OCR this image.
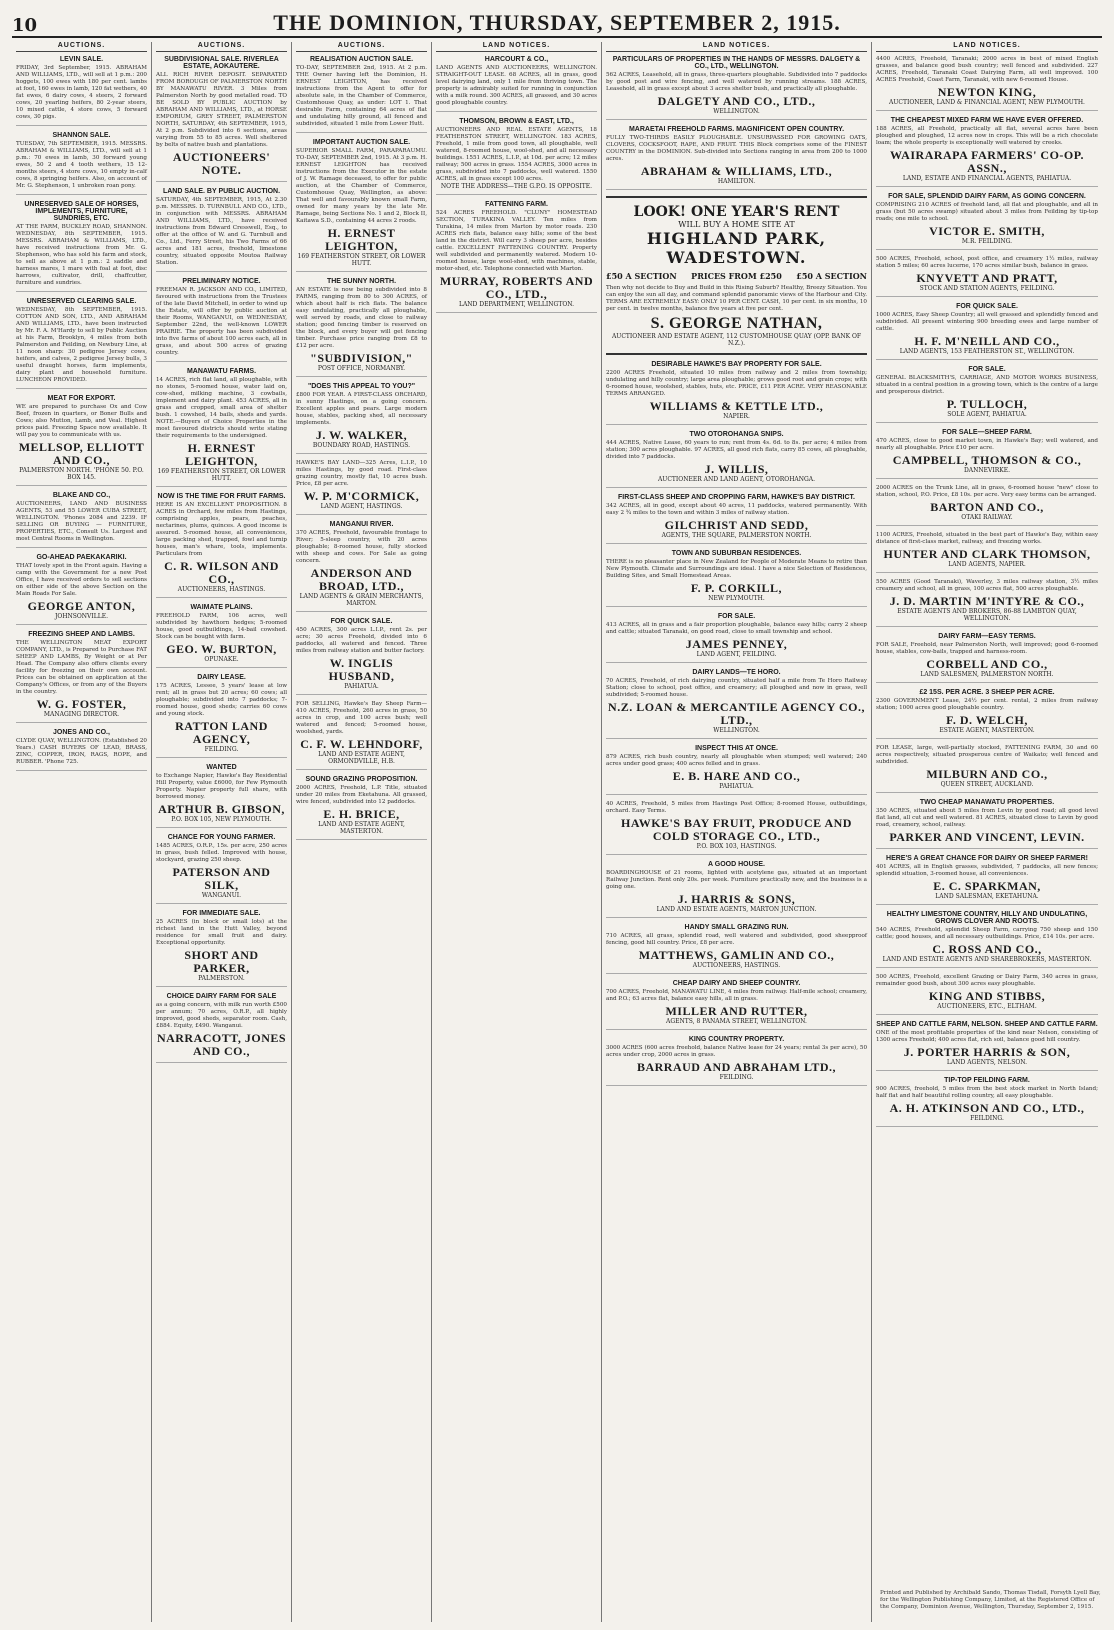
10	THE DOMINION, THURSDAY, SEPTEMBER 2, 1915.
AUCTIONS.
LEVIN SALE.
FRIDAY, 3rd September, 1915. ABRAHAM AND WILLIAMS, LTD., will sell at 1 p.m.: 200 hoggets, 100 ewes with 180 per cent. lambs at foot, 160 ewes in lamb, 120 fat wethers, 40 fat ewes, 6 dairy cows, 4 steers, 2 forward cows, 20 yearling heifers, 80 2-year steers, 10 mixed cattle, 4 store cows, 5 forward cows, 30 pigs.
SHANNON SALE.
TUESDAY, 7th SEPTEMBER, 1915. MESSRS. ABRAHAM & WILLIAMS, LTD., will sell at 1 p.m.: 70 ewes in lamb, 30 forward young ewes, 50 2 and 4 tooth wethers, 15 12-months steers, 4 store cows, 10 empty in-calf cows, 8 springing heifers. Also, on account of Mr. G. Stephenson, 1 unbroken roan pony.
UNRESERVED SALE OF HORSES, IMPLEMENTS, FURNITURE, SUNDRIES, ETC.
AT THE FARM, BUCKLEY ROAD, SHANNON. WEDNESDAY, 8th SEPTEMBER, 1915. MESSRS. ABRAHAM & WILLIAMS, LTD., have received instructions from Mr. G. Stephenson, who has sold his farm and stock, to sell as above at 1 p.m.: 2 saddle and harness mares, 1 mare with foal at foot, disc harrows, cultivator, drill, chaffcutter, furniture and sundries.
UNRESERVED CLEARING SALE.
WEDNESDAY, 8th SEPTEMBER, 1915. COTTON AND SON, LTD., AND ABRAHAM AND WILLIAMS, LTD., have been instructed by Mr. F. A. M'Hardy to sell by Public Auction at his Farm, Brooklyn, 4 miles from both Palmerston and Feilding, on Newbury Line, at 11 noon sharp: 30 pedigree Jersey cows, heifers, and calves, 2 pedigree Jersey bulls, 3 useful draught horses, farm implements, dairy plant and household furniture. LUNCHEON PROVIDED.
MEAT FOR EXPORT.
WE are prepared to purchase Ox and Cow Beef, frozen in quarters, or Boner Bulls and Cows; also Mutton, Lamb, and Veal. Highest prices paid. Freezing Space now available. It will pay you to communicate with us.
MELLSOP, ELLIOTT AND CO.,
PALMERSTON NORTH. 'PHONE 50. P.O. BOX 145.
BLAKE AND CO.,
AUCTIONEERS, LAND AND BUSINESS AGENTS, 53 and 55 LOWER CUBA STREET, WELLINGTON. 'Phones 2084 and 2239. IF SELLING OR BUYING — FURNITURE, PROPERTIES, ETC., Consult Us. Largest and most Central Rooms in Wellington.
GO-AHEAD PAEKAKARIKI.
THAT lovely spot in the Front again. Having a camp with the Government for a new Post Office, I have received orders to sell sections on either side of the above Section on the Main Roads For Sale.
GEORGE ANTON,
JOHNSONVILLE.
FREEZING SHEEP AND LAMBS.
THE WELLINGTON MEAT EXPORT COMPANY, LTD., is Prepared to Purchase FAT SHEEP AND LAMBS, By Weight or at Per Head. The Company also offers clients every facility for freezing on their own account. Prices can be obtained on application at the Company's Offices, or from any of the Buyers in the country.
W. G. FOSTER,
MANAGING DIRECTOR.
JONES AND CO.,
CLYDE QUAY, WELLINGTON. (Established 20 Years.) CASH BUYERS OF LEAD, BRASS, ZINC, COPPER, IRON, RAGS, ROPE, and RUBBER. 'Phone 725.
AUCTIONS.
SUBDIVISIONAL SALE. RIVERLEA ESTATE, AOKAUTERE.
ALL RICH RIVER DEPOSIT. SEPARATED FROM BOROUGH OF PALMERSTON NORTH BY MANAWATU RIVER. 3 Miles from Palmerston North by good metalled road. TO BE SOLD BY PUBLIC AUCTION by ABRAHAM AND WILLIAMS, LTD., at HORSE EMPORIUM, GREY STREET, PALMERSTON NORTH, SATURDAY, 4th SEPTEMBER, 1915, At 2 p.m. Subdivided into 6 sections, areas varying from 55 to 85 acres. Well sheltered by belts of native bush and plantations.
AUCTIONEERS' NOTE.
LAND SALE. BY PUBLIC AUCTION.
SATURDAY, 4th SEPTEMBER, 1915, At 2.30 p.m. MESSRS. D. TURNBULL AND CO., LTD., in conjunction with MESSRS. ABRAHAM AND WILLIAMS, LTD., have received instructions from Edward Cresswell, Esq., to offer at the office of W. and G. Turnbull and Co., Ltd., Ferry Street, his Two Farms of 66 acres and 181 acres, freehold, limestone country, situated opposite Moutoa Railway Station.
PRELIMINARY NOTICE.
FREEMAN R. JACKSON AND CO., LIMITED, favoured with instructions from the Trustees of the late David Mitchell, in order to wind up the Estate, will offer by public auction at their Rooms, WANGANUI, on WEDNESDAY, September 22nd, the well-known LOWER PRAIRIE. The property has been subdivided into five farms of about 100 acres each, all in grass, and about 500 acres of grazing country.
MANAWATU FARMS.
14 ACRES, rich flat land, all ploughable, with no stones, 5-roomed house, water laid on, cow-shed, milking machine, 3 cowbails, implement and dairy plant. 453 ACRES, all in grass and cropped, small area of shelter bush. 1 cowshed, 14 bails, sheds and yards. NOTE.—Buyers of Choice Properties in the most favoured districts should write stating their requirements to the undersigned.
H. ERNEST LEIGHTON,
169 FEATHERSTON STREET, OR LOWER HUTT.
NOW IS THE TIME FOR FRUIT FARMS.
HERE IS AN EXCELLENT PROPOSITION. 8 ACRES in Orchard, few miles from Hastings, comprising apples, pears, peaches, nectarines, plums, quinces. A good income is assured. 5-roomed house, all conveniences, large packing shed, trapped, fowl and turnip houses, man's whare, tools, implements. Particulars from
C. R. WILSON AND CO.,
AUCTIONEERS, HASTINGS.
WAIMATE PLAINS.
FREEHOLD FARM, 106 acres, well subdivided by hawthorn hedges; 5-roomed house, good outbuildings, 14-bail cowshed. Stock can be bought with farm.
GEO. W. BURTON,
OPUNAKE.
DAIRY LEASE.
175 ACRES, Lessee, 5 years' lease at low rent; all in grass but 20 acres; 60 cows; all ploughable; subdivided into 7 paddocks; 7-roomed house, good sheds; carries 60 cows and young stock.
RATTON LAND AGENCY,
FEILDING.
WANTED
to Exchange Napier, Hawke's Bay Residential Hill Property, value £6000, for Few Plymouth Property. Napier property full share, with borrowed money.
ARTHUR B. GIBSON,
P.O. BOX 105, NEW PLYMOUTH.
CHANCE FOR YOUNG FARMER.
1485 ACRES, O.R.P., 15s. per acre, 250 acres in grass, bush felled. Improved with house, stockyard, grazing 250 sheep.
PATERSON AND SILK,
WANGANUI.
FOR IMMEDIATE SALE.
25 ACRES (in block or small lots) at the richest land in the Hutt Valley, beyond residence for small fruit and dairy. Exceptional opportunity.
SHORT AND PARKER,
PALMERSTON.
CHOICE DAIRY FARM FOR SALE
as a going concern, with milk run worth £500 per annum; 70 acres, O.R.P., all highly improved, good sheds, separator room. Cash, £884. Equity, £490. Wanganui.
NARRACOTT, JONES AND CO.,
AUCTIONS.
REALISATION AUCTION SALE.
TO-DAY, SEPTEMBER 2nd, 1915. At 2 p.m. THE Owner having left the Dominion, H. ERNEST LEIGHTON, has received instructions from the Agent to offer for absolute sale, in the Chamber of Commerce, Customhouse Quay, as under: LOT 1. That desirable Farm, containing 64 acres of flat and undulating hilly ground, all fenced and subdivided, situated 1 mile from Lower Hutt.
IMPORTANT AUCTION SALE.
SUPERIOR SMALL FARM, PARAPARAUMU. TO-DAY, SEPTEMBER 2nd, 1915. At 3 p.m. H. ERNEST LEIGHTON has received instructions from the Executor in the estate of J. W. Ramage deceased, to offer for public auction, at the Chamber of Commerce, Customhouse Quay, Wellington, as above: That well and favourably known small Farm, owned for many years by the late Mr. Ramage, being Sections No. 1 and 2, Block II, Kaitawa S.D., containing 44 acres 2 roods.
H. ERNEST LEIGHTON,
169 FEATHERSTON STREET, OR LOWER HUTT.
THE SUNNY NORTH.
AN ESTATE is now being subdivided into 8 FARMS, ranging from 80 to 300 ACRES, of which about half is rich flats. The balance easy undulating, practically all ploughable, well served by roads, and close to railway station; good fencing timber is reserved on the block, and every buyer will get fencing timber. Purchase price ranging from £8 to £12 per acre.
"SUBDIVISION,"
POST OFFICE, NORMANBY.
"DOES THIS APPEAL TO YOU?"
£800 FOR YEAR. A FIRST-CLASS ORCHARD, in sunny Hastings, on a going concern. Excellent apples and pears. Large modern house, stables, packing shed, all necessary implements.
J. W. WALKER,
BOUNDARY ROAD, HASTINGS.
HAWKE'S BAY LAND—325 Acres, L.I.P., 10 miles Hastings, by good road. First-class grazing country, mostly flat, 10 acres bush. Price, £8 per acre.
W. P. M'CORMICK,
LAND AGENT, HASTINGS.
MANGANUI RIVER.
370 ACRES, Freehold, favourable frontage to River; 5-sleep country, with 20 acres ploughable; 8-roomed house, fully stocked with sheep and cows. For Sale as going concern.
ANDERSON AND BROAD, LTD.,
LAND AGENTS & GRAIN MERCHANTS, MARTON.
FOR QUICK SALE.
450 ACRES, 300 acres L.I.P., rent 2s. per acre; 30 acres Freehold, divided into 6 paddocks, all watered and fenced. Three miles from railway station and butter factory.
W. INGLIS HUSBAND,
PAHIATUA.
FOR SELLING, Hawke's Bay Sheep Farm—410 ACRES, Freehold, 260 acres in grass, 50 acres in crop, and 100 acres bush; well watered and fenced; 5-roomed house, woolshed, yards.
C. F. W. LEHNDORF,
LAND AND ESTATE AGENT, ORMONDVILLE, H.B.
SOUND GRAZING PROPOSITION.
2000 ACRES, Freehold, L.P. Title, situated under 20 miles from Eketahuna. All grassed, wire fenced, subdivided into 12 paddocks.
E. H. BRICE,
LAND AND ESTATE AGENT, MASTERTON.
LAND NOTICES.
HARCOURT & CO.,
LAND AGENTS AND AUCTIONEERS, WELLINGTON. STRAIGHT-OUT LEASE. 68 ACRES, all in grass, good level dairying land, only 1 mile from thriving town. The property is admirably suited for running in conjunction with a milk round. 300 ACRES, all grassed, and 30 acres good ploughable country.
THOMSON, BROWN & EAST, LTD.,
AUCTIONEERS AND REAL ESTATE AGENTS, 18 FEATHERSTON STREET, WELLINGTON. 183 ACRES, Freehold, 1 mile from good town, all ploughable, well watered, 8-roomed house, wool-shed, and all necessary buildings. 1551 ACRES, L.I.P., at 10d. per acre; 12 miles railway; 500 acres in grass. 1554 ACRES, 3000 acres in grass, subdivided into 7 paddocks, well watered. 1550 ACRES, all in grass except 100 acres.
NOTE THE ADDRESS—THE G.P.O. IS OPPOSITE.
FATTENING FARM.
524 ACRES FREEHOLD. "CLUNY" HOMESTEAD SECTION, TURAKINA VALLEY. Ten miles from Turakina, 14 miles from Marton by motor roads. 230 ACRES rich flats, balance easy hills; some of the best land in the district. Will carry 3 sheep per acre, besides cattle. EXCELLENT FATTENING COUNTRY. Property well subdivided and permanently watered. Modern 10-roomed house, large wool-shed, with machines, stable, motor-shed, etc. Telephone connected with Marton.
MURRAY, ROBERTS AND CO., LTD.,
LAND DEPARTMENT, WELLINGTON.
LAND NOTICES.
PARTICULARS OF PROPERTIES IN THE HANDS OF MESSRS. DALGETY & CO., LTD., WELLINGTON.
562 ACRES, Leasehold, all in grass, three-quarters ploughable. Subdivided into 7 paddocks by good post and wire fencing, and well watered by running streams. 188 ACRES, Leasehold, all in grass except about 3 acres shelter bush, and practically all ploughable.
DALGETY AND CO., LTD.,
WELLINGTON.
MARAETAI FREEHOLD FARMS. MAGNIFICENT OPEN COUNTRY.
FULLY TWO-THIRDS EASILY PLOUGHABLE. UNSURPASSED FOR GROWING OATS, CLOVERS, COCKSFOOT, RAPE, AND FRUIT. THIS Block comprises some of the FINEST COUNTRY in the DOMINION. Sub-divided into Sections ranging in area from 200 to 1000 acres.
ABRAHAM & WILLIAMS, LTD.,
HAMILTON.
LOOK! ONE YEAR'S RENT
WILL BUY A HOME SITE AT
HIGHLAND PARK, WADESTOWN.
£50 A SECTION PRICES FROM £250 £50 A SECTION
Then why not decide to Buy and Build in this Rising Suburb? Healthy, Breezy Situation. You can enjoy the sun all day, and command splendid panoramic views of the Harbour and City. TERMS ARE EXTREMELY EASY: ONLY 10 PER CENT. CASH, 10 per cent. in six months, 10 per cent. in twelve months, balance five years at five per cent.
S. GEORGE NATHAN,
AUCTIONEER AND ESTATE AGENT, 112 CUSTOMHOUSE QUAY (OPP. BANK OF N.Z.).
DESIRABLE HAWKE'S BAY PROPERTY FOR SALE.
2200 ACRES Freehold, situated 10 miles from railway and 2 miles from township; undulating and hilly country; large area ploughable; grows good root and grain crops; with 6-roomed house, woolshed, stables, huts, etc. PRICE, £11 PER ACRE. VERY REASONABLE TERMS ARRANGED.
WILLIAMS & KETTLE LTD.,
NAPIER.
TWO OTOROHANGA SNIPS.
444 ACRES, Native Lease, 60 years to run; rent from 4s. 6d. to 8s. per acre; 4 miles from station; 300 acres ploughable. 97 ACRES, all good rich flats, carry 85 cows, all ploughable, divided into 7 paddocks.
J. WILLIS,
AUCTIONEER AND LAND AGENT, OTOROHANGA.
FIRST-CLASS SHEEP AND CROPPING FARM, HAWKE'S BAY DISTRICT.
342 ACRES, all in good, except about 40 acres, 11 paddocks, watered permanently. With easy 2 ¾ miles to the town and within 3 miles of railway station.
GILCHRIST AND SEDD,
AGENTS, THE SQUARE, PALMERSTON NORTH.
TOWN AND SUBURBAN RESIDENCES.
THERE is no pleasanter place in New Zealand for People of Moderate Means to retire than New Plymouth. Climate and Surroundings are ideal. I have a nice Selection of Residences, Building Sites, and Small Homestead Areas.
F. P. CORKILL,
NEW PLYMOUTH.
FOR SALE.
413 ACRES, all in grass and a fair proportion ploughable, balance easy hills; carry 2 sheep and cattle; situated Taranaki, on good road, close to small township and school.
JAMES PENNEY,
LAND AGENT, FEILDING.
DAIRY LANDS—TE HORO.
70 ACRES, Freehold, of rich dairying country, situated half a mile from Te Horo Railway Station; close to school, post office, and creamery; all ploughed and now in grass, well subdivided; 5-roomed house.
N.Z. LOAN & MERCANTILE AGENCY CO., LTD.,
WELLINGTON.
INSPECT THIS AT ONCE.
879 ACRES, rich bush country, nearly all ploughable when stumped; well watered; 240 acres under good grass; 400 acres felled and in grass.
E. B. HARE AND CO.,
PAHIATUA.
40 ACRES, Freehold, 5 miles from Hastings Post Office; 8-roomed House, outbuildings, orchard. Easy Terms.
HAWKE'S BAY FRUIT, PRODUCE AND COLD STORAGE CO., LTD.,
P.O. BOX 103, HASTINGS.
A GOOD HOUSE.
BOARDINGHOUSE of 21 rooms, lighted with acetylene gas, situated at an important Railway Junction. Rent only 20s. per week. Furniture practically new, and the business is a going one.
J. HARRIS & SONS,
LAND AND ESTATE AGENTS, MARTON JUNCTION.
HANDY SMALL GRAZING RUN.
710 ACRES, all grass, splendid road, well watered and subdivided, good sheepproof fencing, good hill country. Price, £8 per acre.
MATTHEWS, GAMLIN AND CO.,
AUCTIONEERS, HASTINGS.
CHEAP DAIRY AND SHEEP COUNTRY.
700 ACRES, Freehold, MANAWATU LINE, 4 miles from railway. Half-mile school; creamery, and P.O.; 63 acres flat, balance easy hills, all in grass.
MILLER AND RUTTER,
AGENTS, 8 PANAMA STREET, WELLINGTON.
KING COUNTRY PROPERTY.
3000 ACRES (600 acres freehold, balance Native lease for 24 years; rental 3s per acre), 50 acres under crop, 2000 acres in grass.
BARRAUD AND ABRAHAM LTD.,
FEILDING.
LAND NOTICES.
4400 ACRES, Freehold, Taranaki; 2000 acres in best of mixed English grasses, and balance good bush country; well fenced and subdivided. 227 ACRES, Freehold, Taranaki Coast Dairying Farm, all well improved. 100 ACRES Freehold, Coast Farm, Taranaki, with new 6-roomed House.
NEWTON KING,
AUCTIONEER, LAND & FINANCIAL AGENT, NEW PLYMOUTH.
THE CHEAPEST MIXED FARM WE HAVE EVER OFFERED.
188 ACRES, all Freehold, practically all flat, several acres have been ploughed and ploughed, 12 acres now in crops. This will be a rich chocolate loam; the whole property is exceptionally well watered by creeks.
WAIRARAPA FARMERS' CO-OP. ASSN.,
LAND, ESTATE AND FINANCIAL AGENTS, PAHIATUA.
FOR SALE, SPLENDID DAIRY FARM, AS GOING CONCERN.
COMPRISING 210 ACRES of freehold land, all flat and ploughable, and all in grass (but 50 acres swamp) situated about 3 miles from Feilding by tip-top roads; one mile to school.
VICTOR E. SMITH,
M.R. FEILDING.
500 ACRES, Freehold, school, post office, and creamery 1½ miles, railway station 5 miles; 60 acres lucerne, 170 acres similar bush, balance in grass.
KNYVETT AND PRATT,
STOCK AND STATION AGENTS, FEILDING.
FOR QUICK SALE.
1000 ACRES, Easy Sheep Country; all well grassed and splendidly fenced and subdivided. All present wintering 900 breeding ewes and large number of cattle.
H. F. M'NEILL AND CO.,
LAND AGENTS, 153 FEATHERSTON ST., WELLINGTON.
FOR SALE.
GENERAL BLACKSMITH'S, CARRIAGE, AND MOTOR WORKS BUSINESS, situated in a central position in a growing town, which is the centre of a large and prosperous district.
P. TULLOCH,
SOLE AGENT, PAHIATUA.
FOR SALE—SHEEP FARM.
470 ACRES, close to good market town, in Hawke's Bay; well watered, and nearly all ploughable. Price £10 per acre.
CAMPBELL, THOMSON & CO.,
DANNEVIRKE.
2000 ACRES on the Trunk Line, all in grass, 6-roomed house "new" close to station, school, P.O. Price, £8 10s. per acre. Very easy terms can be arranged.
BARTON AND CO.,
OTAKI RAILWAY.
1100 ACRES, Freehold, situated in the best part of Hawke's Bay, within easy distance of first-class market, railway, and freezing works.
HUNTER AND CLARK THOMSON,
LAND AGENTS, NAPIER.
550 ACRES (Good Taranaki), Waverley, 3 miles railway station, 3½ miles creamery and school, all in grass, 100 acres flat, 500 acres ploughable.
J. D. MARTIN M'INTYRE & CO.,
ESTATE AGENTS AND BROKERS, 86-88 LAMBTON QUAY, WELLINGTON.
DAIRY FARM—EASY TERMS.
FOR SALE, Freehold, near Palmerston North, well improved; good 6-roomed house, stables, cow-bails, trapped and harness-room.
CORBELL AND CO.,
LAND SALESMEN, PALMERSTON NORTH.
£2 15S. PER ACRE. 3 SHEEP PER ACRE.
2300 GOVERNMENT Lease, 24½ per cent. rental, 2 miles from railway station; 1000 acres good ploughable country.
F. D. WELCH,
ESTATE AGENT, MASTERTON.
FOR LEASE, large, well-partially stocked, FATTENING FARM, 30 and 60 acres respectively, situated prosperous centre of Waikato; well fenced and subdivided.
MILBURN AND CO.,
QUEEN STREET, AUCKLAND.
TWO CHEAP MANAWATU PROPERTIES.
350 ACRES, situated about 5 miles from Levin by good road; all good level flat land, all cut and well watered. 81 ACRES, situated close to Levin by good road, creamery, school, railway.
PARKER AND VINCENT, LEVIN.
HERE'S A GREAT CHANCE FOR DAIRY OR SHEEP FARMER!
401 ACRES, all in English grasses, subdivided, 7 paddocks, all new fences; splendid situation, 3-roomed house, all conveniences.
E. C. SPARKMAN,
LAND SALESMAN, EKETAHUNA.
HEALTHY LIMESTONE COUNTRY, HILLY AND UNDULATING, GROWS CLOVER AND ROOTS.
540 ACRES, Freehold, splendid Sheep Farm, carrying 750 sheep and 150 cattle; good houses, and all necessary outbuildings. Price, £14 10s. per acre.
C. ROSS AND CO.,
LAND AND ESTATE AGENTS AND SHAREBROKERS, MASTERTON.
500 ACRES, Freehold, excellent Grazing or Dairy Farm, 340 acres in grass, remainder good bush, about 300 acres easy ploughable.
KING AND STIBBS,
AUCTIONEERS, ETC., ELTHAM.
SHEEP AND CATTLE FARM, NELSON. SHEEP AND CATTLE FARM.
ONE of the most profitable properties of the kind near Nelson, consisting of 1300 acres Freehold; 400 acres flat, rich soil, balance good hill country.
J. PORTER HARRIS & SON,
LAND AGENTS, NELSON.
TIP-TOP FEILDING FARM.
900 ACRES, freehold, 5 miles from the best stock market in North Island; half flat and half beautiful rolling country, all easy ploughable.
A. H. ATKINSON AND CO., LTD.,
FEILDING.
Printed and Published by Archibald Sando, Thomas Tisdall, Forsyth Lyell Bay, for the Wellington Publishing Company, Limited, at the Registered Office of the Company, Dominion Avenue, Wellington, Thursday, September 2, 1915.
